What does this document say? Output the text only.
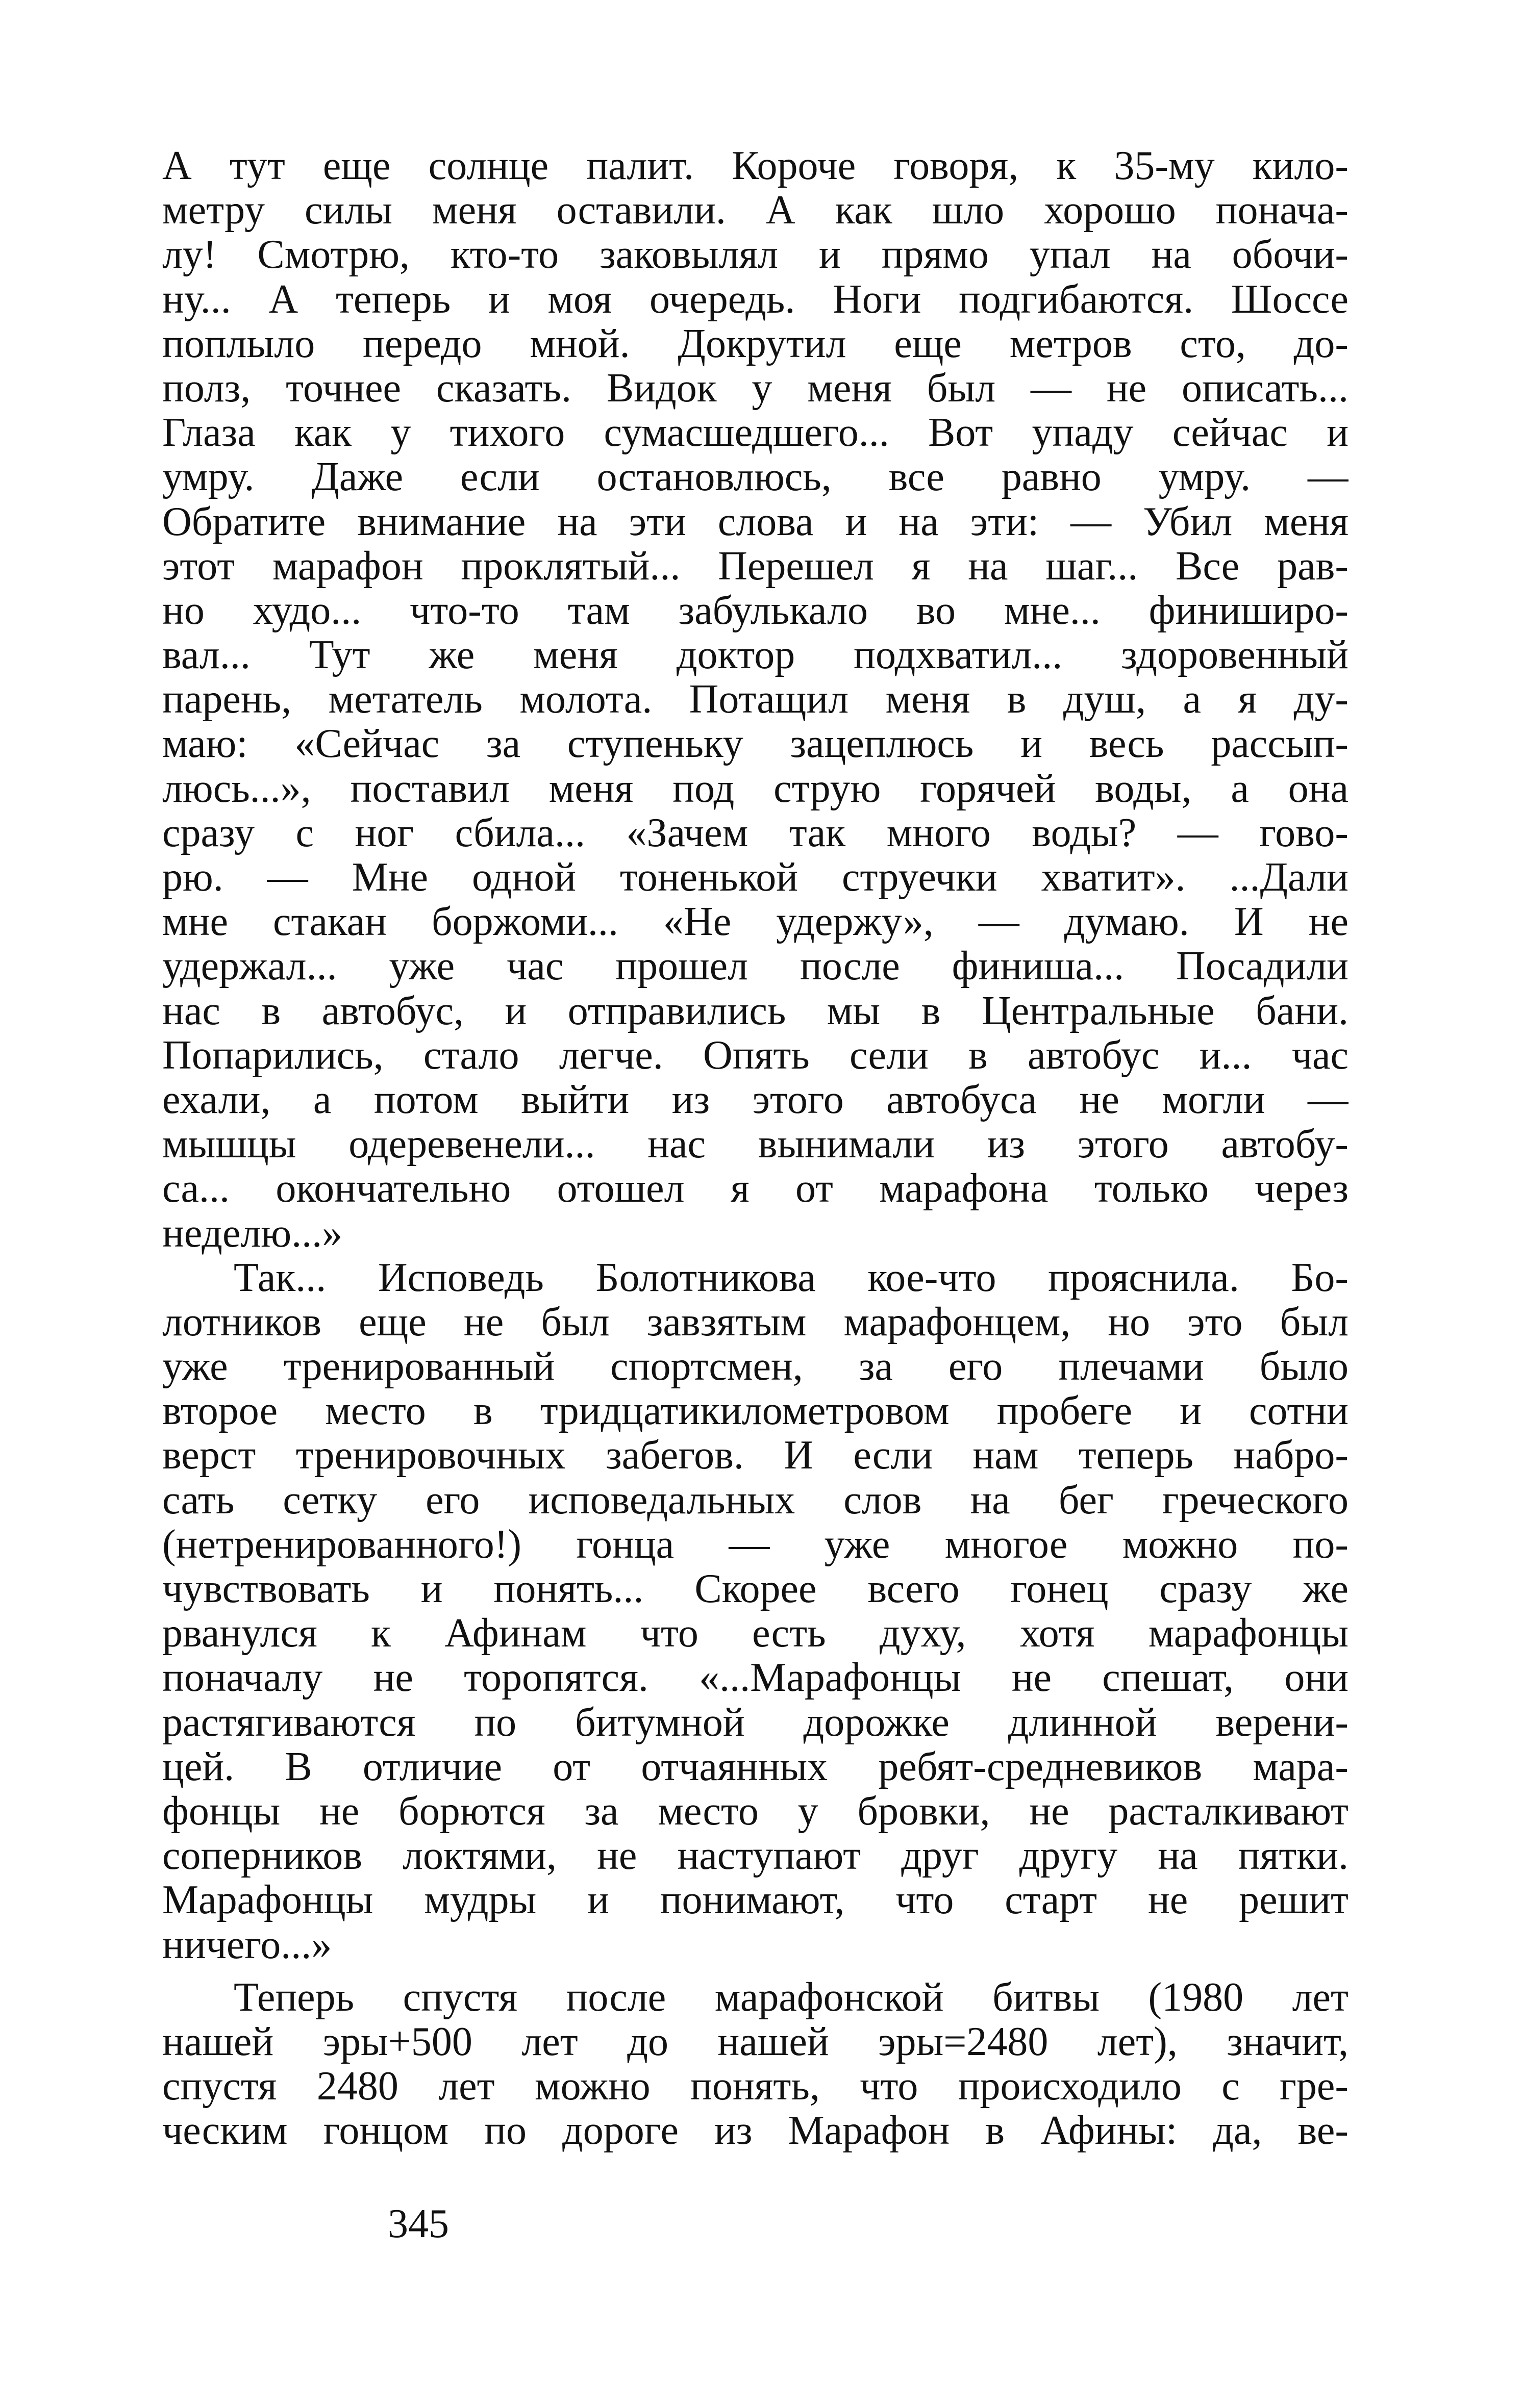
А тут еще солнце палит. Короче говоря, к 35-му кило-
метру силы меня оставили. А как шло хорошо понача-
лу! Смотрю, кто-то заковылял и прямо упал на обочи-
ну... А теперь и моя очередь. Ноги подгибаются. Шоссе
поплыло передо мной. Докрутил еще метров сто, до-
полз, точнее сказать. Видок у меня был — не описать...
Глаза как у тихого сумасшедшего... Вот упаду сейчас и
умру. Даже если остановлюсь, все равно умру. —
Обратите внимание на эти слова и на эти: — Убил меня
этот марафон проклятый... Перешел я на шаг... Все рав-
но худо... что-то там забулькало во мне... финиширо-
вал... Тут же меня доктор подхватил... здоровенный
парень, метатель молота. Потащил меня в душ, а я ду-
маю: «Сейчас за ступеньку зацеплюсь и весь рассып-
люсь...», поставил меня под струю горячей воды, а она
сразу с ног сбила... «Зачем так много воды? — гово-
рю. — Мне одной тоненькой струечки хватит». ...Дали
мне стакан боржоми... «Не удержу», — думаю. И не
удержал... уже час прошел после финиша... Посадили
нас в автобус, и отправились мы в Центральные бани.
Попарились, стало легче. Опять сели в автобус и... час
ехали, а потом выйти из этого автобуса не могли —
мышцы одеревенели... нас вынимали из этого автобу-
са... окончательно отошел я от марафона только через
неделю...»
Так... Исповедь Болотникова кое-что прояснила. Бо-
лотников еще не был завзятым марафонцем, но это был
уже тренированный спортсмен, за его плечами было
второе место в тридцатикилометровом пробеге и сотни
верст тренировочных забегов. И если нам теперь набро-
сать сетку его исповедальных слов на бег греческого
(нетренированного!) гонца — уже многое можно по-
чувствовать и понять... Скорее всего гонец сразу же
рванулся к Афинам что есть духу, хотя марафонцы
поначалу не торопятся. «...Марафонцы не спешат, они
растягиваются по битумной дорожке длинной верени-
цей. В отличие от отчаянных ребят-средневиков мара-
фонцы не борются за место у бровки, не расталкивают
соперников локтями, не наступают друг другу на пятки.
Марафонцы мудры и понимают, что старт не решит
ничего...»
Теперь спустя после марафонской битвы (1980 лет
нашей эры+500 лет до нашей эры=2480 лет), значит,
спустя 2480 лет можно понять, что происходило с гре-
ческим гонцом по дороге из Марафон в Афины: да, ве-
345
